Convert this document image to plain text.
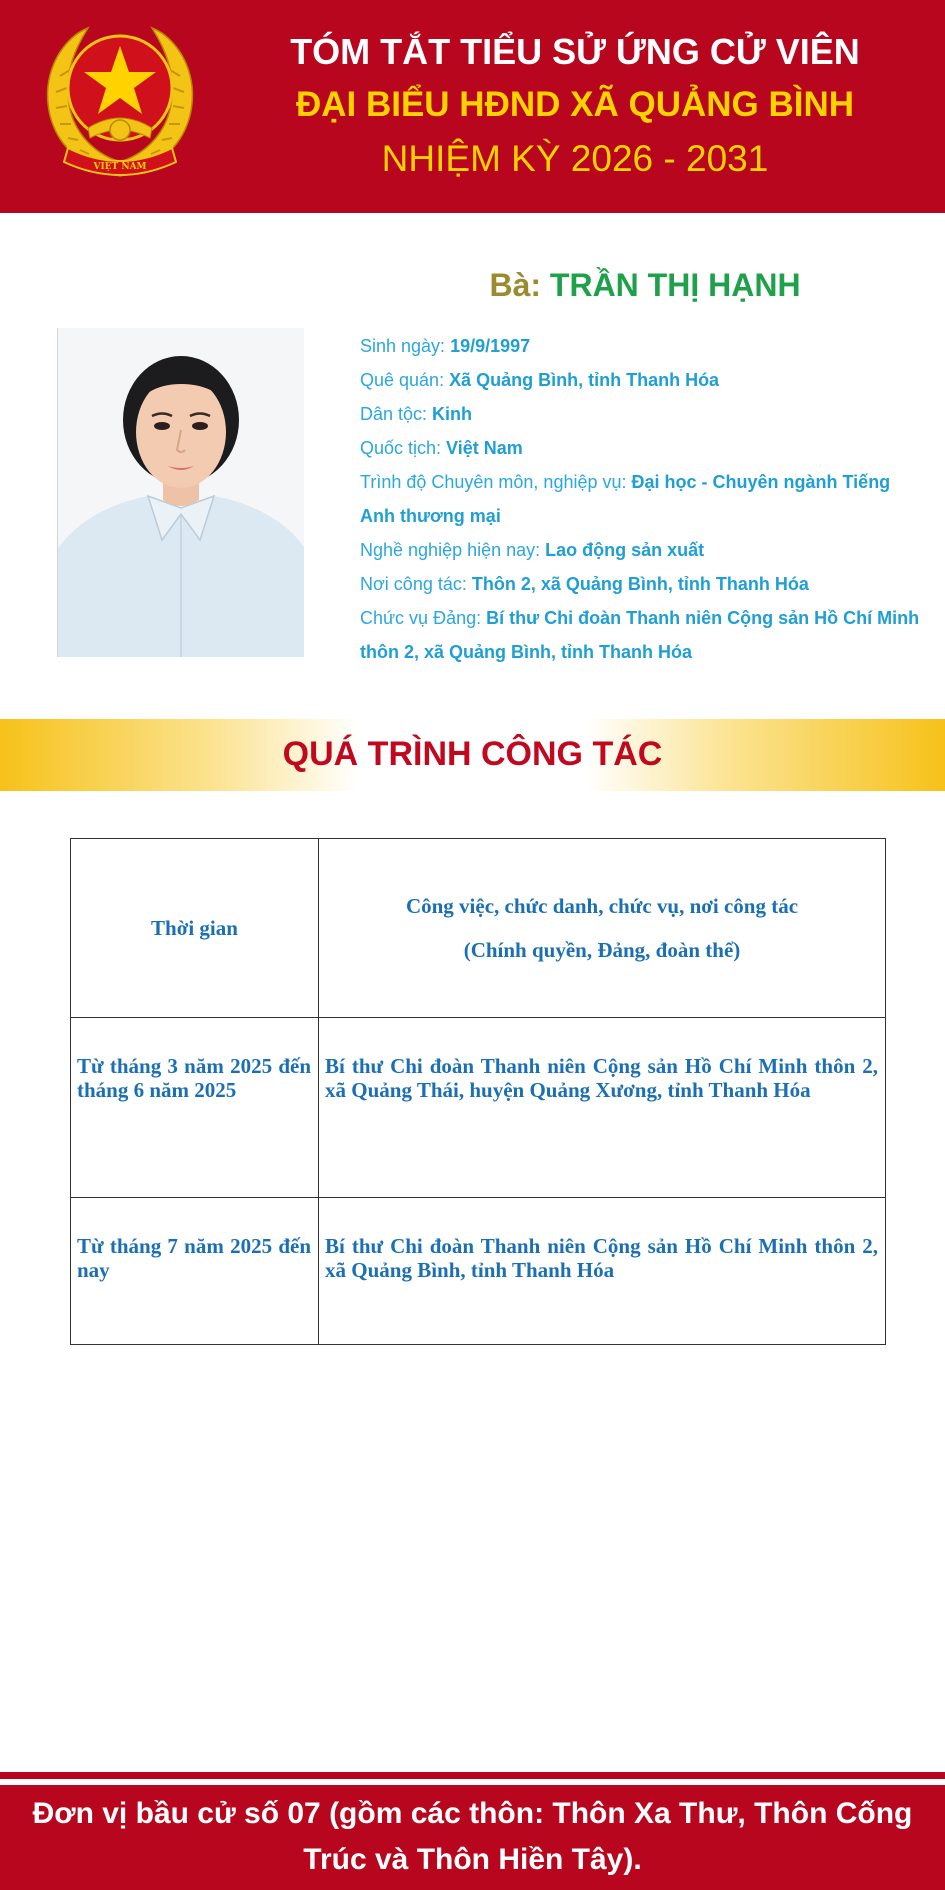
VIỆT NAM
TÓM TẮT TIỂU SỬ ỨNG CỬ VIÊN
ĐẠI BIỂU HĐND XÃ QUẢNG BÌNH
NHIỆM KỲ 2026 - 2031
Bà: TRẦN THỊ HẠNH
Sinh ngày: 19/9/1997
Quê quán: Xã Quảng Bình, tỉnh Thanh Hóa
Dân tộc: Kinh
Quốc tịch: Việt Nam
Trình độ Chuyên môn, nghiệp vụ: Đại học - Chuyên ngành Tiếng Anh thương mại
Nghề nghiệp hiện nay: Lao động sản xuất
Nơi công tác: Thôn 2, xã Quảng Bình, tỉnh Thanh Hóa
Chức vụ Đảng: Bí thư Chi đoàn Thanh niên Cộng sản Hồ Chí Minh thôn 2, xã Quảng Bình, tỉnh Thanh Hóa
QUÁ TRÌNH CÔNG TÁC
Thời gian	Công việc, chức danh, chức vụ, nơi công tác
(Chính quyền, Đảng, đoàn thể)

Từ tháng 3 năm 2025 đến tháng 6 năm 2025	Bí thư Chi đoàn Thanh niên Cộng sản Hồ Chí Minh thôn 2, xã Quảng Thái, huyện Quảng Xương, tỉnh Thanh Hóa
Từ tháng 7 năm 2025 đến nay	Bí thư Chi đoàn Thanh niên Cộng sản Hồ Chí Minh thôn 2, xã Quảng Bình, tỉnh Thanh Hóa
Đơn vị bầu cử số 07 (gồm các thôn: Thôn Xa Thư, Thôn Cống Trúc và Thôn Hiền Tây).
